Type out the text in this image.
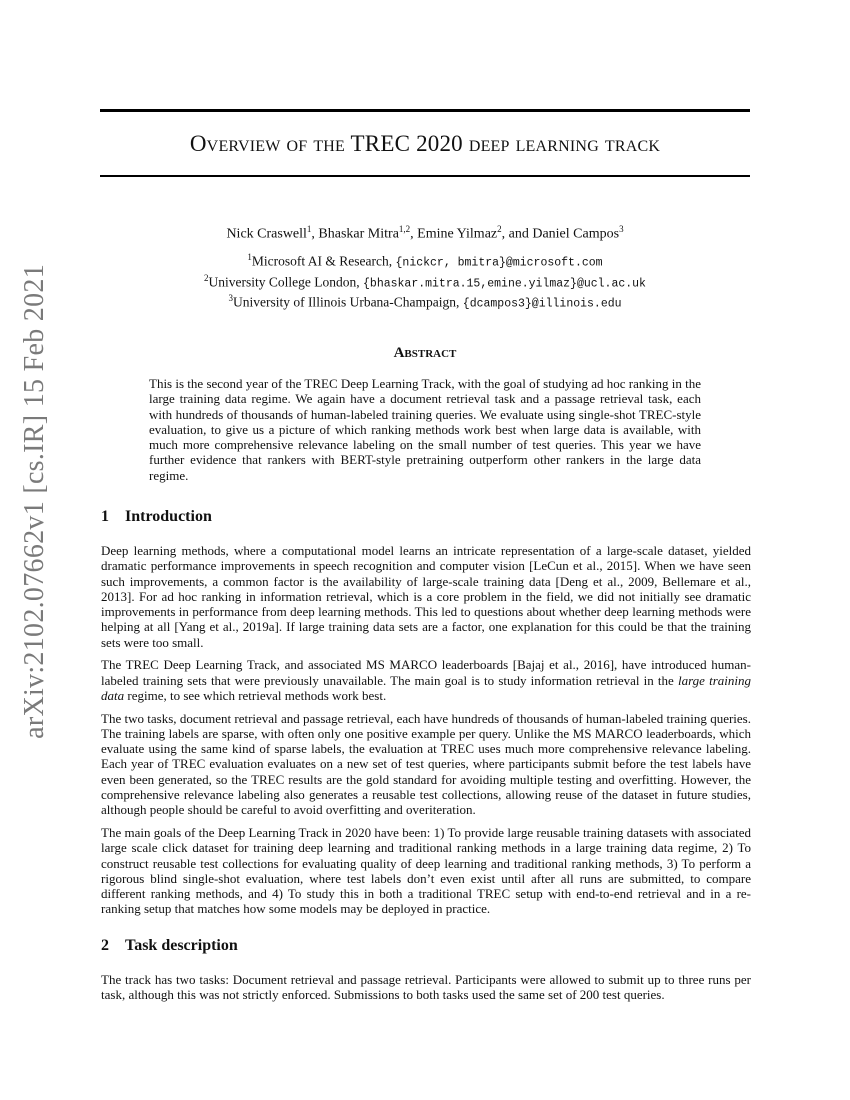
arXiv:2102.07662v1 [cs.IR] 15 Feb 2021
Overview of the TREC 2020 deep learning track
Nick Craswell$^1$, Bhaskar Mitra$^{1,2}$, Emine Yilmaz$^2$, and Daniel Campos$^3$
$^1$Microsoft AI & Research, {nickcr, bmitra}@microsoft.com
$^2$University College London, {bhaskar.mitra.15,emine.yilmaz}@ucl.ac.uk
$^3$University of Illinois Urbana-Champaign, {dcampos3}@illinois.edu
Abstract
This is the second year of the TREC Deep Learning Track, with the goal of studying ad hoc ranking in the large training data regime. We again have a document retrieval task and a passage retrieval task, each with hundreds of thousands of human-labeled training queries. We evaluate using single-shot TREC-style evaluation, to give us a picture of which ranking methods work best when large data is available, with much more comprehensive relevance labeling on the small number of test queries. This year we have further evidence that rankers with BERT-style pretraining outperform other rankers in the large data regime.
1 Introduction

Deep learning methods, where a computational model learns an intricate representation of a large-scale dataset, yielded dramatic performance improvements in speech recognition and computer vision [LeCun et al., 2015]. When we have seen such improvements, a common factor is the availability of large-scale training data [Deng et al., 2009, Bellemare et al., 2013]. For ad hoc ranking in information retrieval, which is a core problem in the field, we did not initially see dramatic improvements in performance from deep learning methods. This led to questions about whether deep learning methods were helping at all [Yang et al., 2019a]. If large training data sets are a factor, one explanation for this could be that the training sets were too small.

The TREC Deep Learning Track, and associated MS MARCO leaderboards [Bajaj et al., 2016], have introduced human-labeled training sets that were previously unavailable. The main goal is to study information retrieval in the large training data regime, to see which retrieval methods work best.

The two tasks, document retrieval and passage retrieval, each have hundreds of thousands of human-labeled training queries. The training labels are sparse, with often only one positive example per query. Unlike the MS MARCO leaderboards, which evaluate using the same kind of sparse labels, the evaluation at TREC uses much more comprehensive relevance labeling. Each year of TREC evaluation evaluates on a new set of test queries, where participants submit before the test labels have even been generated, so the TREC results are the gold standard for avoiding multiple testing and overfitting. However, the comprehensive relevance labeling also generates a reusable test collections, allowing reuse of the dataset in future studies, although people should be careful to avoid overfitting and overiteration.

The main goals of the Deep Learning Track in 2020 have been: 1) To provide large reusable training datasets with associated large scale click dataset for training deep learning and traditional ranking methods in a large training data regime, 2) To construct reusable test collections for evaluating quality of deep learning and traditional ranking methods, 3) To perform a rigorous blind single-shot evaluation, where test labels don’t even exist until after all runs are submitted, to compare different ranking methods, and 4) To study this in both a traditional TREC setup with end-to-end retrieval and in a re-ranking setup that matches how some models may be deployed in practice.

2 Task description

The track has two tasks: Document retrieval and passage retrieval. Participants were allowed to submit up to three runs per task, although this was not strictly enforced. Submissions to both tasks used the same set of 200 test queries.
